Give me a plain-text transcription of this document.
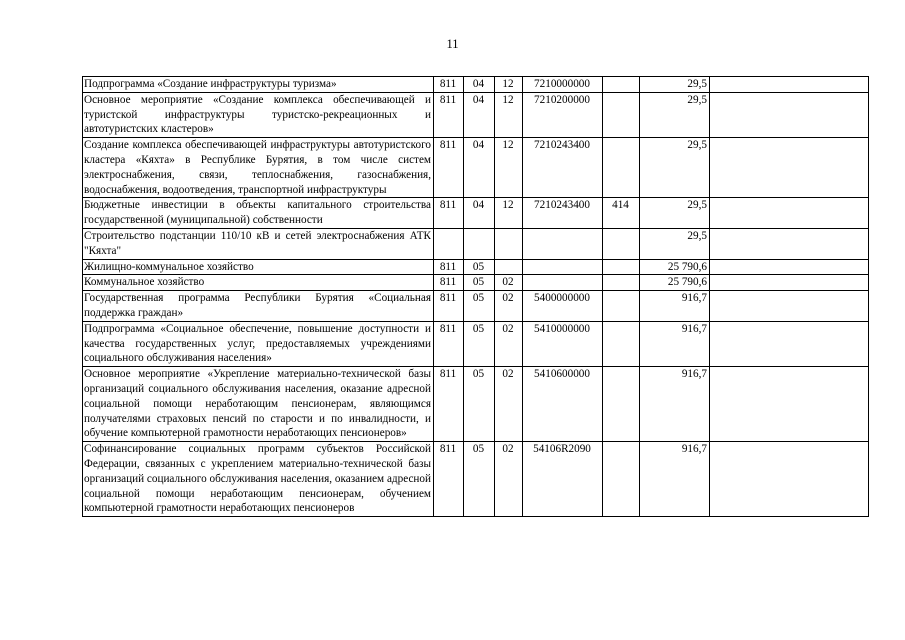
11
Подпрограмма «Создание инфраструктуры туризма»	811	04	12	7210000000		29,5	
Основное мероприятие «Создание комплекса обеспечивающей и туристской инфраструктуры туристско-рекреационных и автотуристских кластеров»	811	04	12	7210200000		29,5	
Создание комплекса обеспечивающей инфраструктуры автотуристского кластера «Кяхта» в Республике Бурятия, в том числе систем электроснабжения, связи, теплоснабжения, газоснабжения, водоснабжения, водоотведения, транспортной инфраструктуры	811	04	12	7210243400		29,5	
Бюджетные инвестиции в объекты капитального строительства государственной (муниципальной) собственности	811	04	12	7210243400	414	29,5	
Строительство подстанции 110/10 кВ и сетей электроснабжения АТК "Кяхта"						29,5	
Жилищно-коммунальное хозяйство	811	05				25 790,6	
Коммунальное хозяйство	811	05	02			25 790,6	
Государственная программа Республики Бурятия «Социальная поддержка граждан»	811	05	02	5400000000		916,7	
Подпрограмма «Социальное обеспечение, повышение доступности и качества государственных услуг, предоставляемых учреждениями социального обслуживания населения»	811	05	02	5410000000		916,7	
Основное мероприятие «Укрепление материально-технической базы организаций социального обслуживания населения, оказание адресной социальной помощи неработающим пенсионерам, являющимся получателями страховых пенсий по старости и по инвалидности, и обучение компьютерной грамотности неработающих пенсионеров»	811	05	02	5410600000		916,7	
Софинансирование социальных программ субъектов Российской Федерации, связанных с укреплением материально-технической базы организаций социального обслуживания населения, оказанием адресной социальной помощи неработающим пенсионерам, обучением компьютерной грамотности неработающих пенсионеров	811	05	02	54106R2090		916,7	
